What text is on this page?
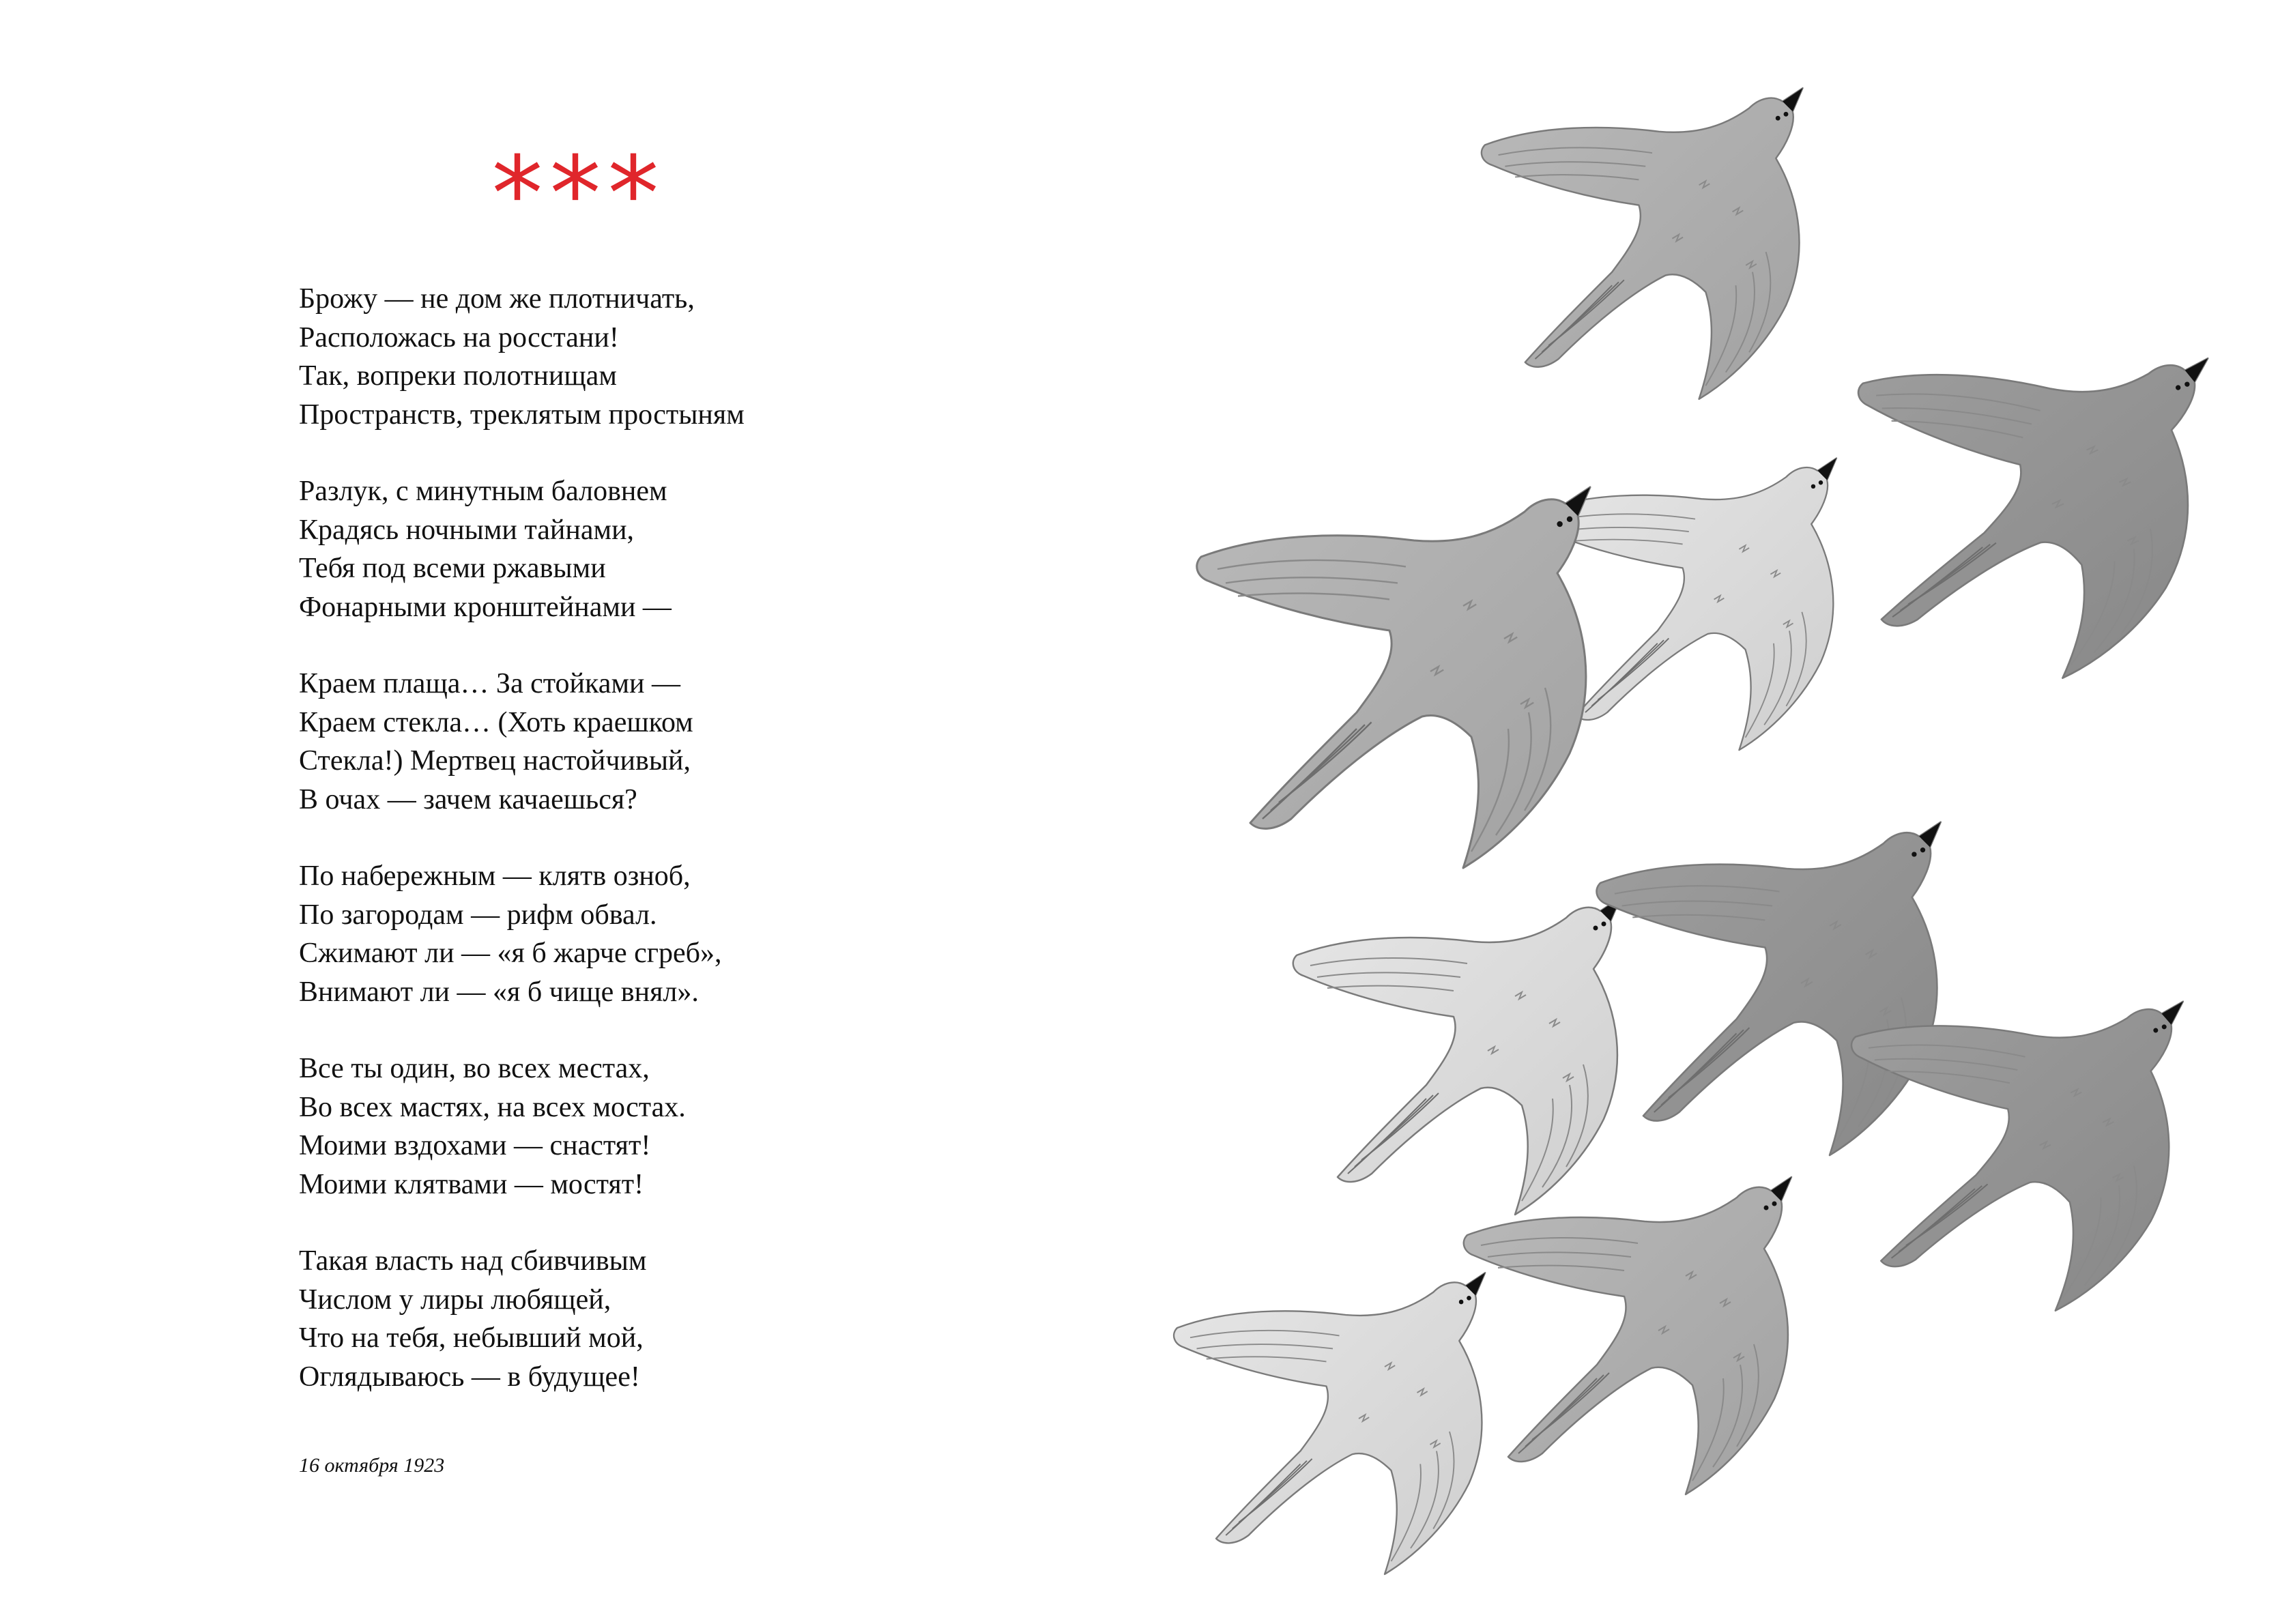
***
Брожу — не дом же плотничать,
Расположась на росстани!
Так, вопреки полотнищам
Пространств, треклятым простыням
Разлук, с минутным баловнем
Крадясь ночными тайнами,
Тебя под всеми ржавыми
Фонарными кронштейнами —
Краем плаща… За стойками —
Краем стекла… (Хоть краешком
Стекла!) Мертвец настойчивый,
В очах — зачем качаешься?
По набережным — клятв озноб,
По загородам — рифм обвал.
Сжимают ли — «я б жарче сгреб»,
Внимают ли — «я б чище внял».
Все ты один, во всех местах,
Во всех мастях, на всех мостах.
Моими вздохами — снастят!
Моими клятвами — мостят!
Такая власть над сбивчивым
Числом у лиры любящей,
Что на тебя, небывший мой,
Оглядываюсь — в будущее!
16 октября 1923
